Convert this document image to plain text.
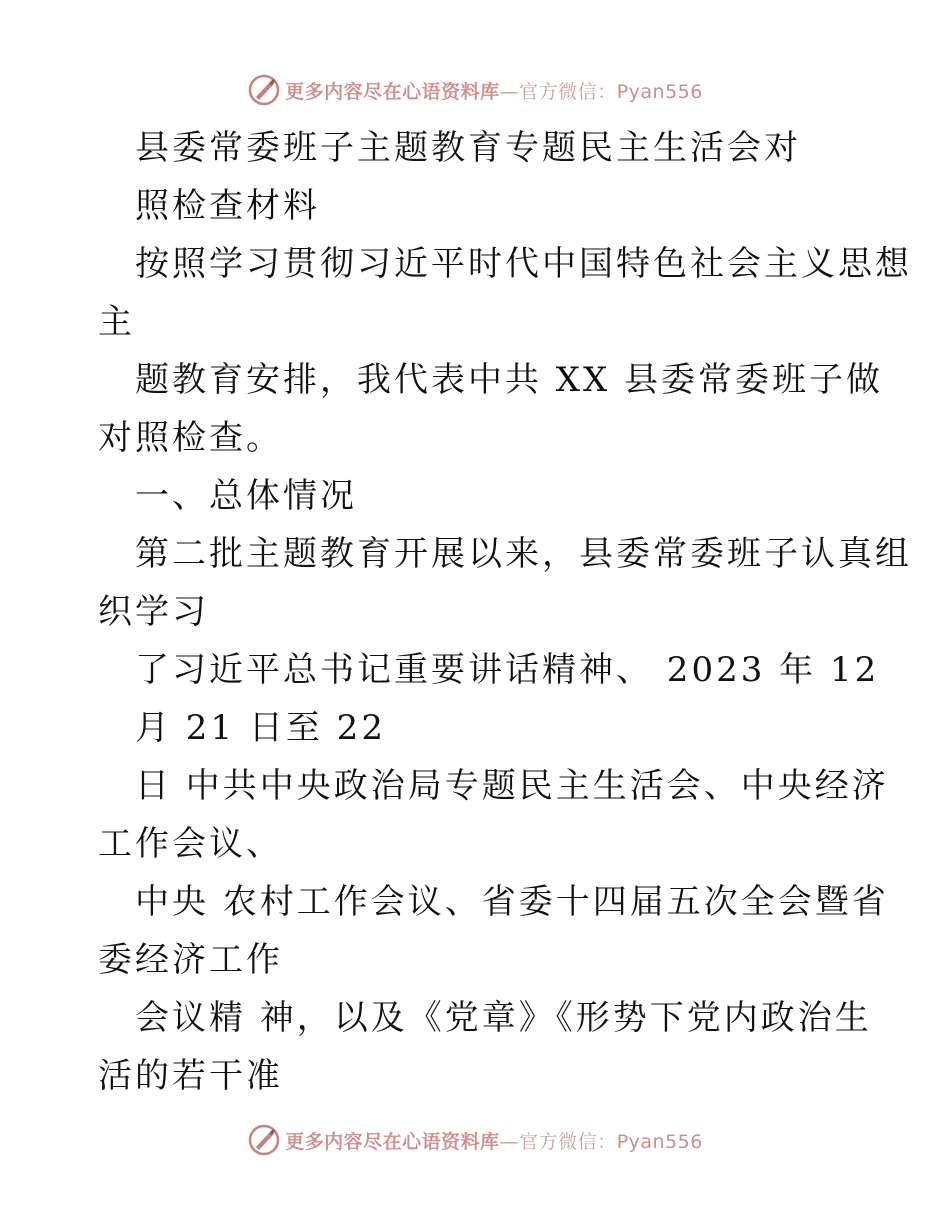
更多内容尽在心语资料库—官方微信：Pyan556
县委常委班子主题教育专题民主生活会对
照检查材料
按照学习贯彻习近平时代中国特色社会主义思想
主
题教育安排，我代表中共 XX 县委常委班子做
对照检查。
一、总体情况
第二批主题教育开展以来，县委常委班子认真组
织学习
了习近平总书记重要讲话精神、 2023 年 12
月 21 日至 22
日 中共中央政治局专题民主生活会、中央经济
工作会议、
中央 农村工作会议、省委十四届五次全会暨省
委经济工作
会议精 神，以及《党章》《形势下党内政治生
活的若干准
更多内容尽在心语资料库—官方微信：Pyan556
